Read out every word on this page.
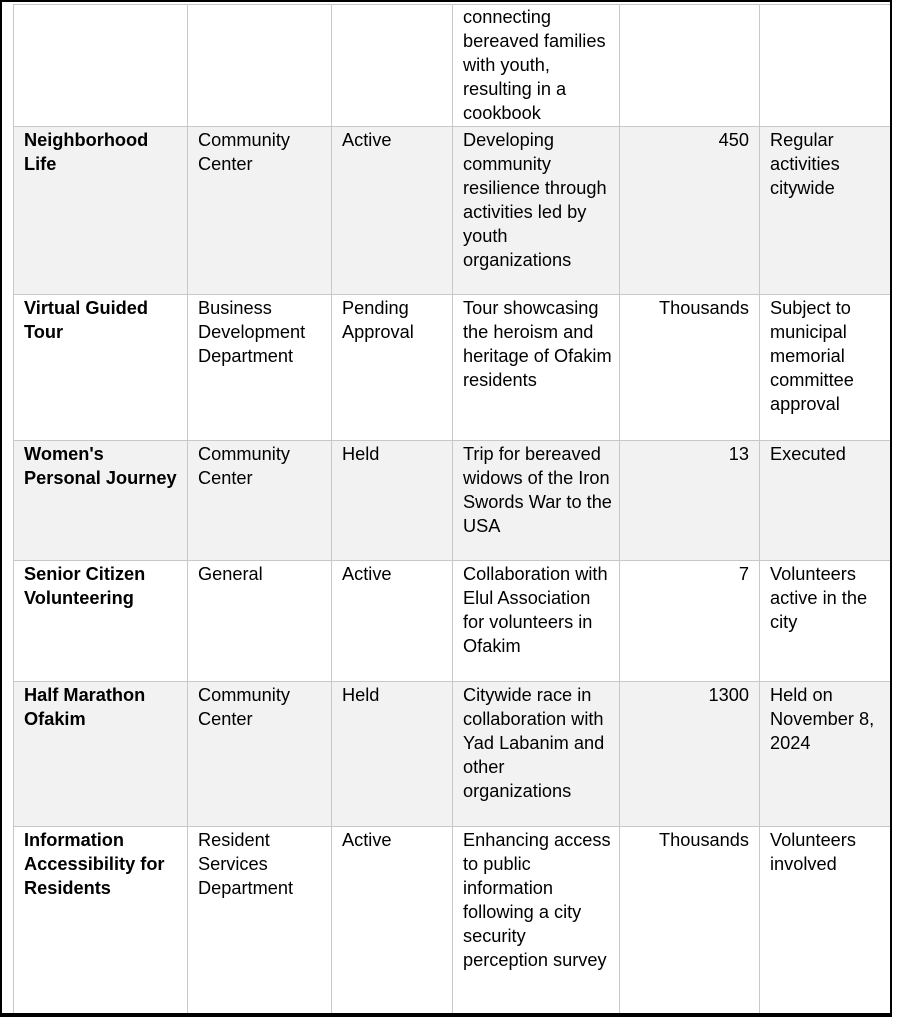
			connecting bereaved families with youth, resulting in a cookbook		
Neighborhood Life	Community Center	Active	Developing community resilience through activities led by youth organizations	450	Regular activities citywide
Virtual Guided Tour	Business Development Department	Pending Approval	Tour showcasing the heroism and heritage of Ofakim residents	Thousands	Subject to municipal memorial committee approval
Women's Personal Journey	Community Center	Held	Trip for bereaved widows of the Iron Swords War to the USA	13	Executed
Senior Citizen Volunteering	General	Active	Collaboration with Elul Association for volunteers in Ofakim	7	Volunteers active in the city
Half Marathon Ofakim	Community Center	Held	Citywide race in collaboration with Yad Labanim and other organizations	1300	Held on November 8, 2024
Information Accessibility for Residents	Resident Services Department	Active	Enhancing access to public information following a city security perception survey	Thousands	Volunteers involved
